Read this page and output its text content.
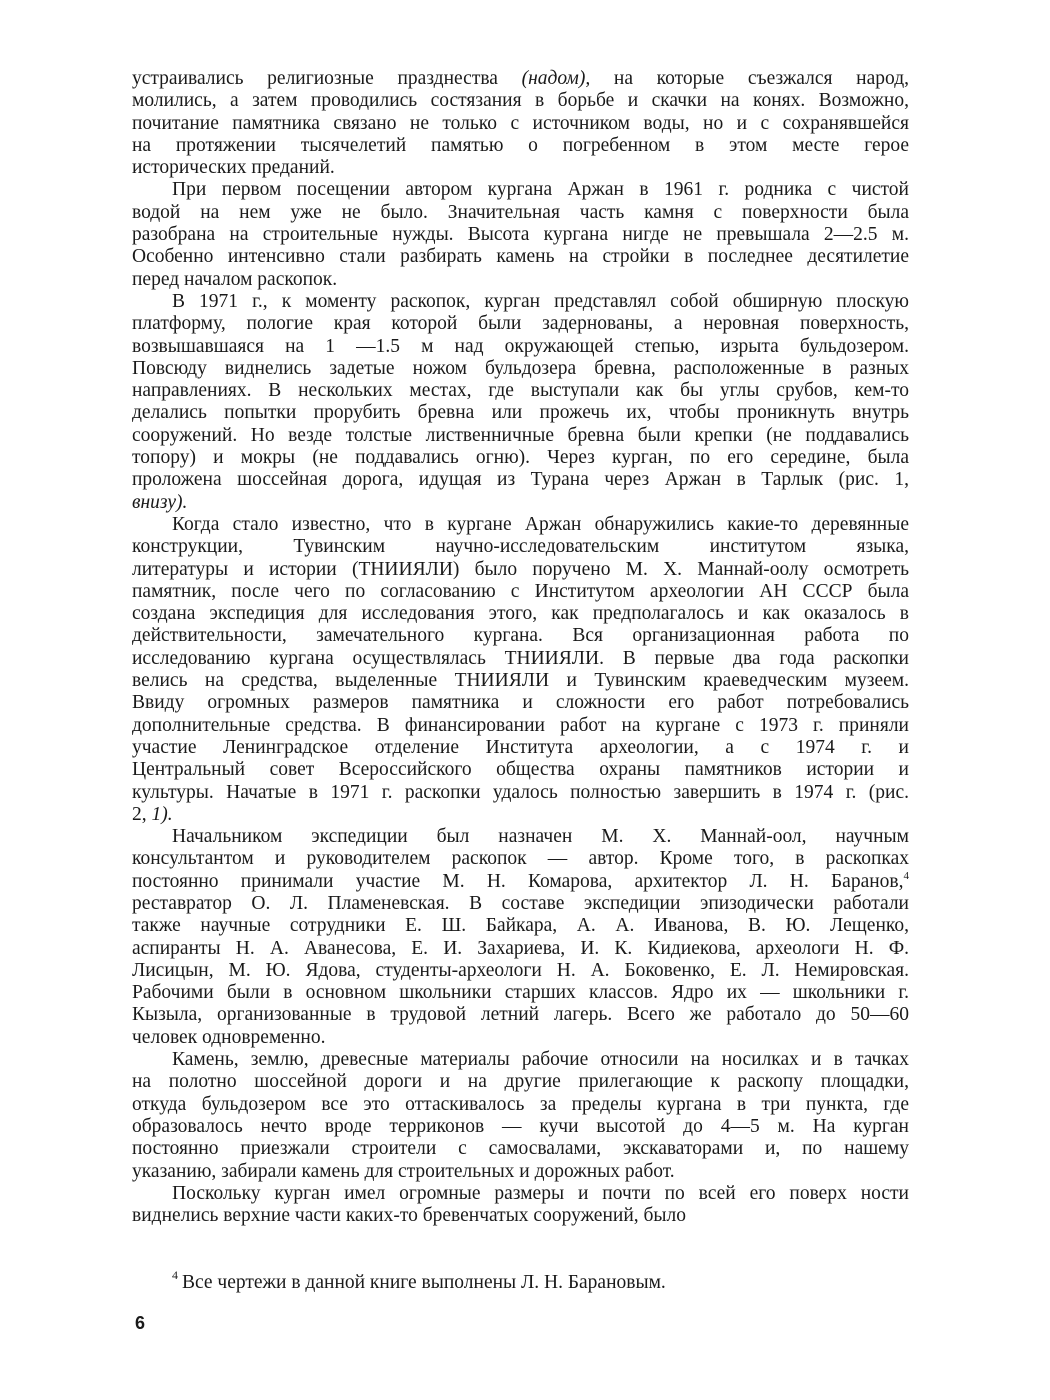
устраивались религиозные празднества (надом), на которые съезжался народ,
молились, а затем проводились состязания в борьбе и скачки на конях. Возможно,
почитание памятника связано не только с источником воды, но и с сохранявшейся
на протяжении тысячелетий памятью о погребенном в этом месте герое
исторических преданий.
При первом посещении автором кургана Аржан в 1961 г. родника с чистой
водой на нем уже не было. Значительная часть камня с поверхности была
разобрана на строительные нужды. Высота кургана нигде не превышала 2—2.5 м.
Особенно интенсивно стали разбирать камень на стройки в последнее десятилетие
перед началом раскопок.
В 1971 г., к моменту раскопок, курган представлял собой обширную плоскую
платформу, пологие края которой были задернованы, а неровная поверхность,
возвышавшаяся на 1 —1.5 м над окружающей степью, изрыта бульдозером.
Повсюду виднелись задетые ножом бульдозера бревна, расположенные в разных
направлениях. В нескольких местах, где выступали как бы углы срубов, кем-то
делались попытки прорубить бревна или прожечь их, чтобы проникнуть внутрь
сооружений. Но везде толстые лиственничные бревна были крепки (не поддавались
топору) и мокры (не поддавались огню). Через курган, по его середине, была
проложена шоссейная дорога, идущая из Турана через Аржан в Тарлык (рис. 1,
внизу).
Когда стало известно, что в кургане Аржан обнаружились какие-то деревянные
конструкции, Тувинским научно-исследовательским институтом языка,
литературы и истории (ТНИИЯЛИ) было поручено М. Х. Маннай-оолу осмотреть
памятник, после чего по согласованию с Институтом археологии АН СССР была
создана экспедиция для исследования этого, как предполагалось и как оказалось в
действительности, замечательного кургана. Вся организационная работа по
исследованию кургана осуществлялась ТНИИЯЛИ. В первые два года раскопки
велись на средства, выделенные ТНИИЯЛИ и Тувинским краеведческим музеем.
Ввиду огромных размеров памятника и сложности его работ потребовались
дополнительные средства. В финансировании работ на кургане с 1973 г. приняли
участие Ленинградское отделение Института археологии, а с 1974 г. и
Центральный совет Всероссийского общества охраны памятников истории и
культуры. Начатые в 1971 г. раскопки удалось полностью завершить в 1974 г. (рис.
2, 1).
Начальником экспедиции был назначен М. Х. Маннай-оол, научным
консультантом и руководителем раскопок — автор. Кроме того, в раскопках
постоянно принимали участие М. Н. Комарова, архитектор Л. Н. Баранов,$^4$
реставратор О. Л. Пламеневская. В составе экспедиции эпизодически работали
также научные сотрудники Е. Ш. Байкара, А. А. Иванова, В. Ю. Лещенко,
аспиранты Н. А. Аванесова, Е. И. Захариева, И. К. Кидиекова, археологи Н. Ф.
Лисицын, М. Ю. Ядова, студенты-археологи Н. А. Боковенко, Е. Л. Немировская.
Рабочими были в основном школьники старших классов. Ядро их — школьники г.
Кызыла, организованные в трудовой летний лагерь. Всего же работало до 50—60
человек одновременно.
Камень, землю, древесные материалы рабочие относили на носилках и в тачках
на полотно шоссейной дороги и на другие прилегающие к раскопу площадки,
откуда бульдозером все это оттаскивалось за пределы кургана в три пункта, где
образовалось нечто вроде терриконов — кучи высотой до 4—5 м. На курган
постоянно приезжали строители с самосвалами, экскаваторами и, по нашему
указанию, забирали камень для строительных и дорожных работ.
Поскольку курган имел огромные размеры и почти по всей его поверх ности
виднелись верхние части каких-то бревенчатых сооружений, было
$^4$ Все чертежи в данной книге выполнены Л. Н. Барановым.
6
